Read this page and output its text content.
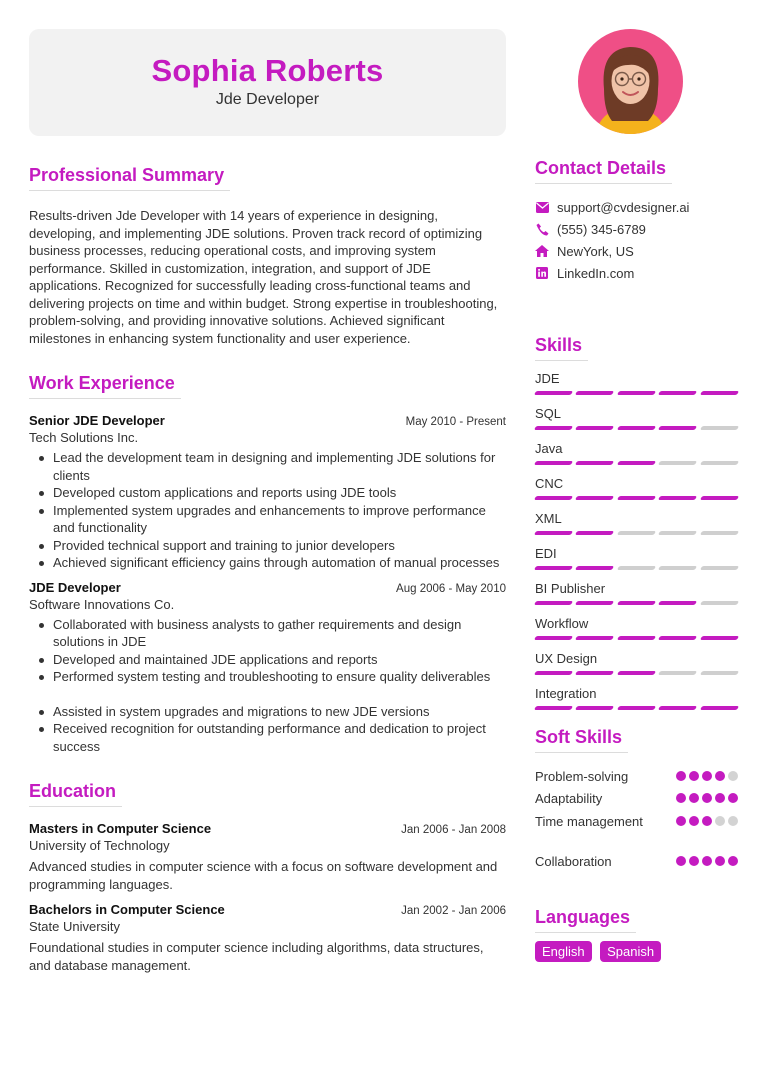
Sophia Roberts
Jde Developer
Professional Summary

Results-driven Jde Developer with 14 years of experience in designing, developing, and implementing JDE solutions. Proven track record of optimizing business processes, reducing operational costs, and improving system performance. Skilled in customization, integration, and support of JDE applications. Recognized for successfully leading cross-functional teams and delivering projects on time and within budget. Strong expertise in troubleshooting, problem-solving, and providing innovative solutions. Achieved significant milestones in enhancing system functionality and user experience.

Work Experience
Senior JDE Developer	May 2010 - Present
Tech Solutions Inc.
Lead the development team in designing and implementing JDE solutions for clients
Developed custom applications and reports using JDE tools
Implemented system upgrades and enhancements to improve performance and functionality
Provided technical support and training to junior developers
Achieved significant efficiency gains through automation of manual processes
JDE Developer	Aug 2006 - May 2010
Software Innovations Co.
Collaborated with business analysts to gather requirements and design solutions in JDE
Developed and maintained JDE applications and reports
Performed system testing and troubleshooting to ensure quality deliverables
Assisted in system upgrades and migrations to new JDE versions
Received recognition for outstanding performance and dedication to project success
Education
Masters in Computer Science	Jan 2006 - Jan 2008
University of Technology

Advanced studies in computer science with a focus on software development and programming languages.

Bachelors in Computer Science	Jan 2002 - Jan 2006
State University

Foundational studies in computer science including algorithms, data structures, and database management.

Contact Details
support@cvdesigner.ai
(555) 345-6789
NewYork, US
LinkedIn.com
Skills
JDE
SQL
Java
CNC
XML
EDI
BI Publisher
Workflow
UX Design
Integration
Soft Skills
Problem-solving
Adaptability
Time management
Collaboration
Languages
English Spanish
